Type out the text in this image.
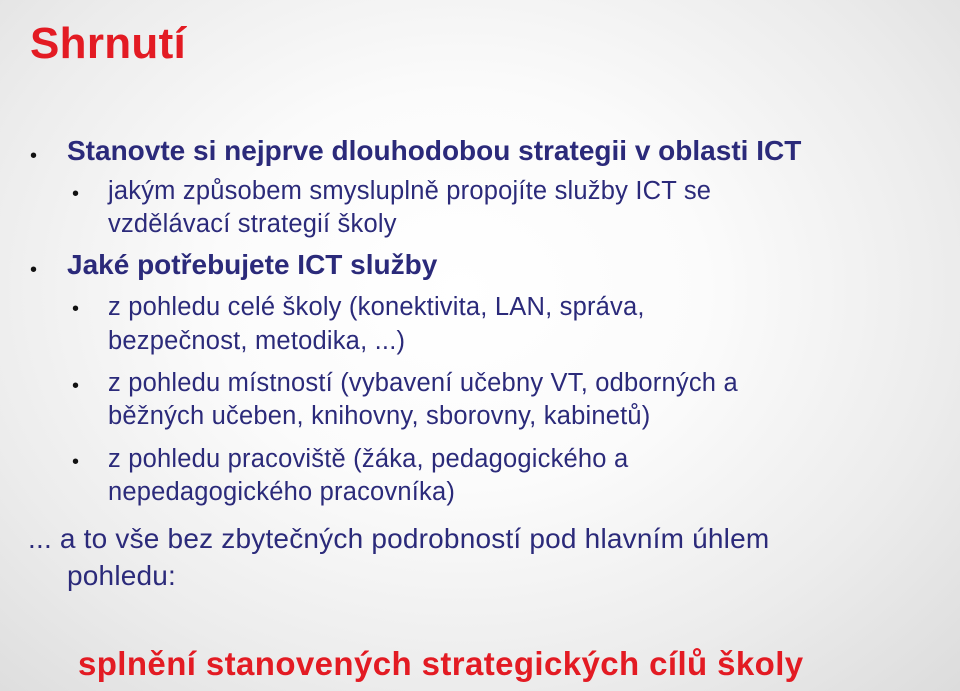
Shrnutí
• Stanovte si nejprve dlouhodobou strategii v oblasti ICT
• jakým způsobem smysluplně propojíte služby ICT se
vzdělávací strategií školy
• Jaké potřebujete ICT služby
• z pohledu celé školy (konektivita, LAN, správa,
bezpečnost, metodika, ...)
• z pohledu místností (vybavení učebny VT, odborných a
běžných učeben, knihovny, sborovny, kabinetů)
• z pohledu pracoviště (žáka, pedagogického a
nepedagogického pracovníka)
... a to vše bez zbytečných podrobností pod hlavním úhlem
pohledu:
splnění stanovených strategických cílů školy
